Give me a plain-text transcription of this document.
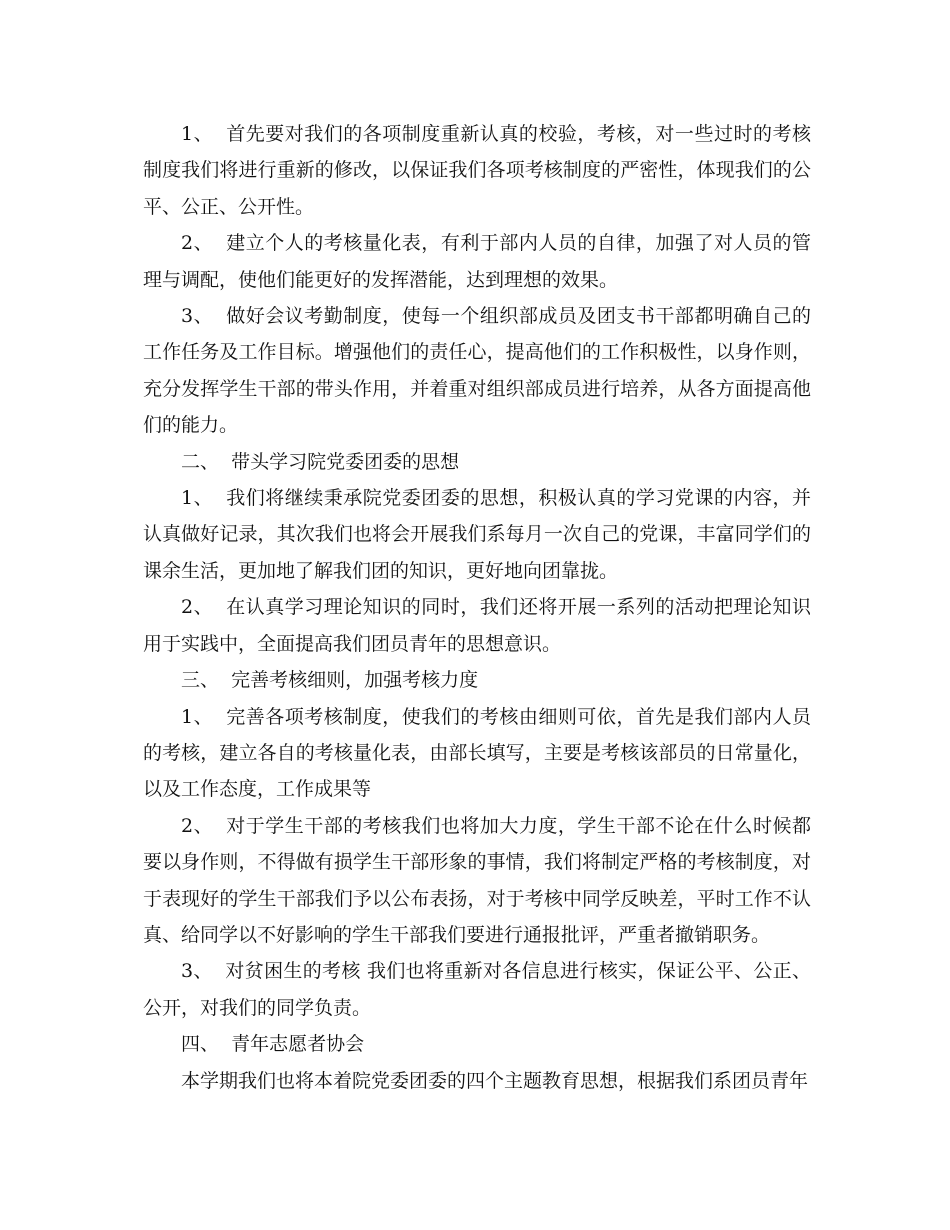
1、  首先要对我们的各项制度重新认真的校验，考核，对一些过时的考核制度我们将进行重新的修改，以保证我们各项考核制度的严密性，体现我们的公平、公正、公开性。

2、  建立个人的考核量化表，有利于部内人员的自律，加强了对人员的管理与调配，使他们能更好的发挥潜能，达到理想的效果。

3、  做好会议考勤制度，使每一个组织部成员及团支书干部都明确自己的工作任务及工作目标。增强他们的责任心，提高他们的工作积极性，以身作则，充分发挥学生干部的带头作用，并着重对组织部成员进行培养，从各方面提高他们的能力。

二、  带头学习院党委团委的思想

1、  我们将继续秉承院党委团委的思想，积极认真的学习党课的内容，并认真做好记录，其次我们也将会开展我们系每月一次自己的党课，丰富同学们的课余生活，更加地了解我们团的知识，更好地向团靠拢。

2、  在认真学习理论知识的同时，我们还将开展一系列的活动把理论知识用于实践中，全面提高我们团员青年的思想意识。

三、  完善考核细则，加强考核力度

1、  完善各项考核制度，使我们的考核由细则可依，首先是我们部内人员的考核，建立各自的考核量化表，由部长填写，主要是考核该部员的日常量化，以及工作态度，工作成果等

2、  对于学生干部的考核我们也将加大力度，学生干部不论在什么时候都要以身作则，不得做有损学生干部形象的事情，我们将制定严格的考核制度，对于表现好的学生干部我们予以公布表扬，对于考核中同学反映差，平时工作不认真、给同学以不好影响的学生干部我们要进行通报批评，严重者撤销职务。

3、  对贫困生的考核 我们也将重新对各信息进行核实，保证公平、公正、公开，对我们的同学负责。

四、  青年志愿者协会

本学期我们也将本着院党委团委的四个主题教育思想，根据我们系团员青年
